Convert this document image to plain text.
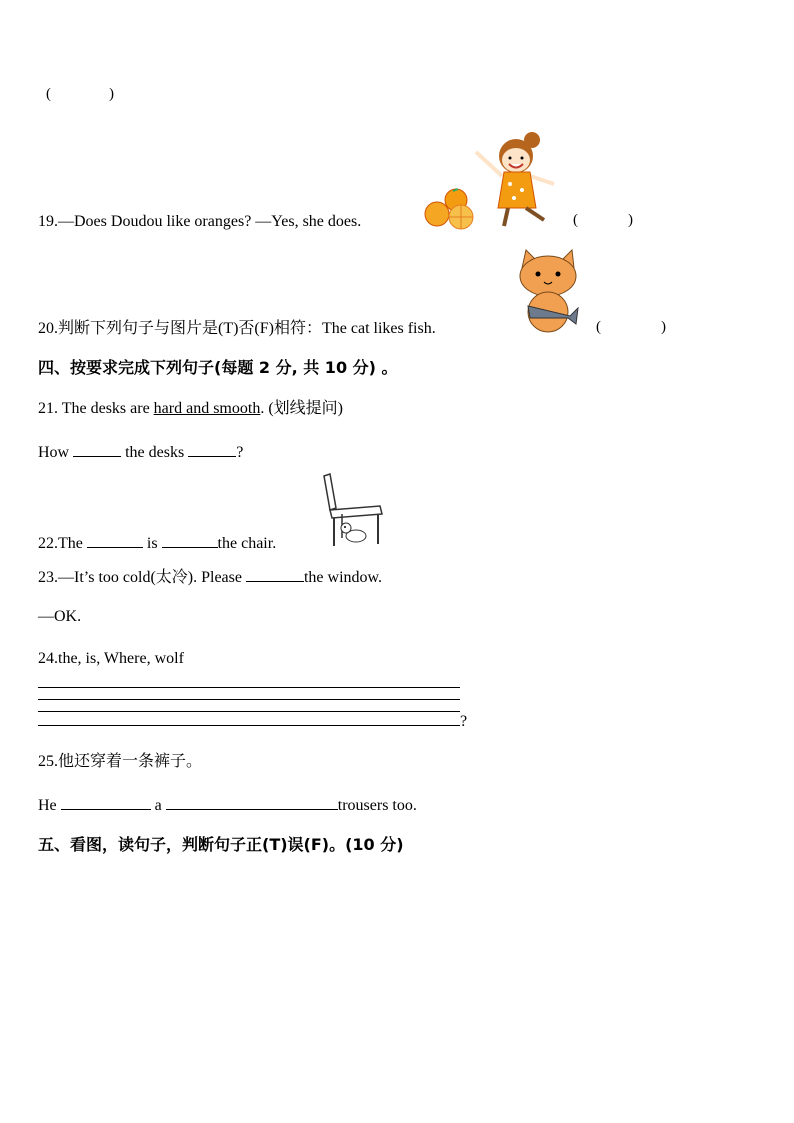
(	)
19.—Does Doudou like oranges? —Yes, she does.	(	)
20.判断下列句子与图片是(T)否(F)相符：The cat likes fish.	(	)
四、按要求完成下列句子(每题 2 分, 共 10 分) 。
21. The desks are hard and smooth. (划线提问)
How	the desks	?
22.The	is	the chair.
23.—It’s too cold(太冷). Please	the window.
—OK.
24.the, is, Where, wolf
?
25.他还穿着一条裤子。
He	a	trousers too.
五、看图，读句子，判断句子正(T)误(F)。(10 分)
